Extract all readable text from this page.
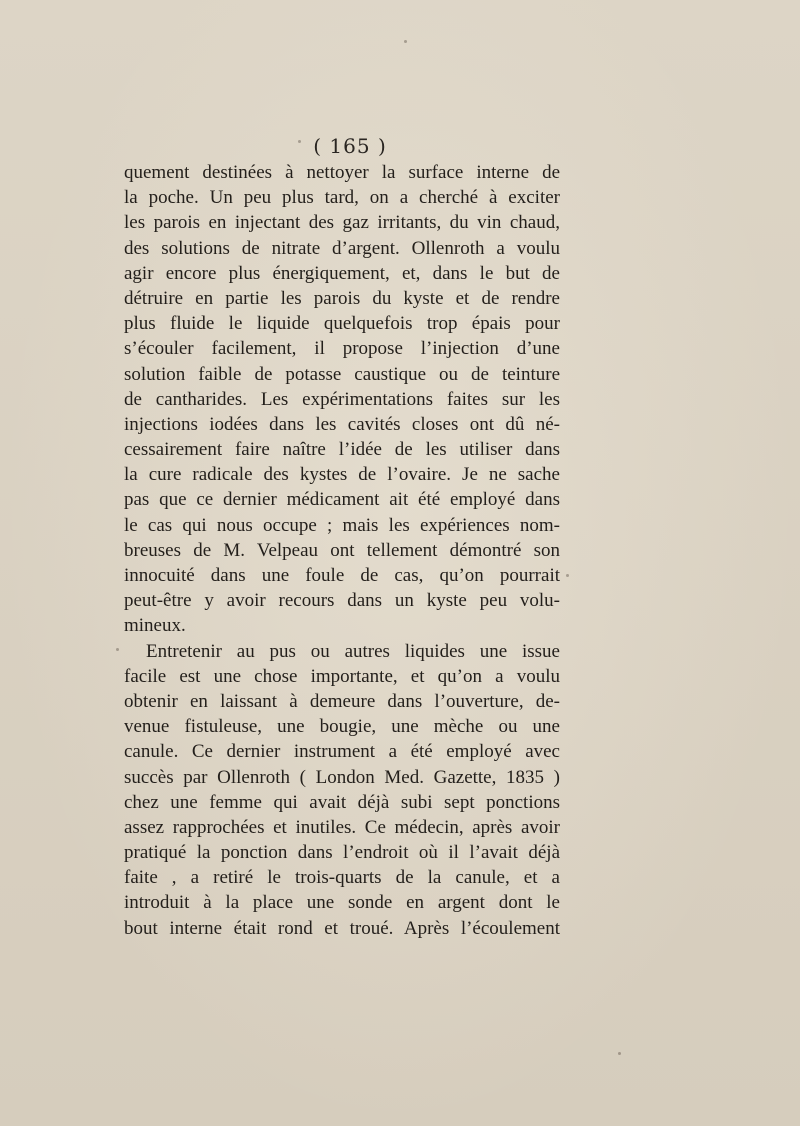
( 165 )
quement destinées à nettoyer la surface interne de
la poche. Un peu plus tard, on a cherché à exciter
les parois en injectant des gaz irritants, du vin chaud,
des solutions de nitrate d’argent. Ollenroth a voulu
agir encore plus énergiquement, et, dans le but de
détruire en partie les parois du kyste et de rendre
plus fluide le liquide quelquefois trop épais pour
s’écouler facilement, il propose l’injection d’une
solution faible de potasse caustique ou de teinture
de cantharides. Les expérimentations faites sur les
injections iodées dans les cavités closes ont dû né-
cessairement faire naître l’idée de les utiliser dans
la cure radicale des kystes de l’ovaire. Je ne sache
pas que ce dernier médicament ait été employé dans
le cas qui nous occupe ; mais les expériences nom-
breuses de M. Velpeau ont tellement démontré son
innocuité dans une foule de cas, qu’on pourrait
peut-être y avoir recours dans un kyste peu volu-
mineux.
Entretenir au pus ou autres liquides une issue
facile est une chose importante, et qu’on a voulu
obtenir en laissant à demeure dans l’ouverture, de-
venue fistuleuse, une bougie, une mèche ou une
canule. Ce dernier instrument a été employé avec
succès par Ollenroth ( London Med. Gazette, 1835 )
chez une femme qui avait déjà subi sept ponctions
assez rapprochées et inutiles. Ce médecin, après avoir
pratiqué la ponction dans l’endroit où il l’avait déjà
faite , a retiré le trois-quarts de la canule, et a
introduit à la place une sonde en argent dont le
bout interne était rond et troué. Après l’écoulement
